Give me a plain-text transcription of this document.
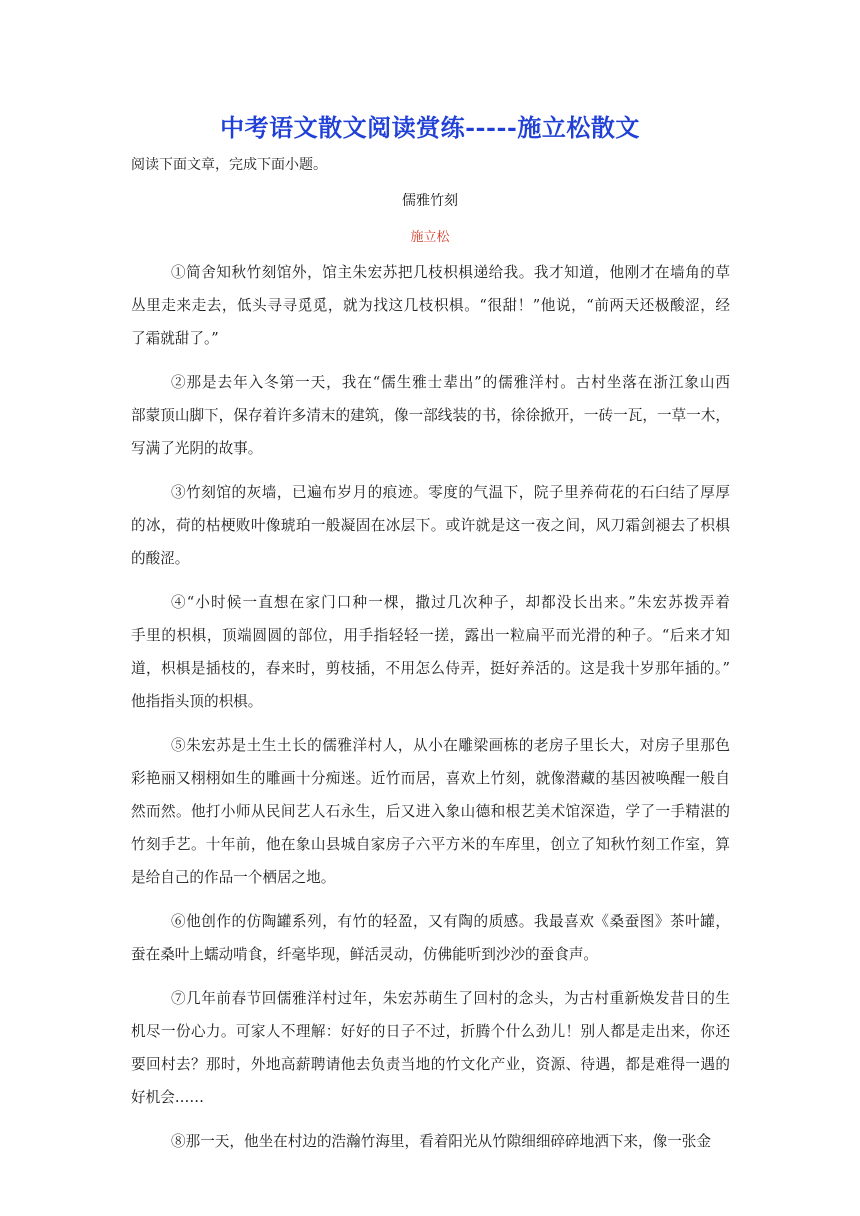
中考语文散文阅读赏练-----施立松散文
阅读下面文章，完成下面小题。
儒雅竹刻
施立松
①简舍知秋竹刻馆外，馆主朱宏苏把几枝枳椇递给我。我才知道，他刚才在墙角的草
丛里走来走去，低头寻寻觅觅，就为找这几枝枳椇。“很甜！”他说，“前两天还极酸涩，经
了霜就甜了。”
②那是去年入冬第一天，我在“儒生雅士辈出”的儒雅洋村。古村坐落在浙江象山西
部蒙顶山脚下，保存着许多清末的建筑，像一部线装的书，徐徐掀开，一砖一瓦，一草一木，
写满了光阴的故事。
③竹刻馆的灰墙，已遍布岁月的痕迹。零度的气温下，院子里养荷花的石臼结了厚厚
的冰，荷的枯梗败叶像琥珀一般凝固在冰层下。或许就是这一夜之间，风刀霜剑褪去了枳椇
的酸涩。
④“小时候一直想在家门口种一棵，撒过几次种子，却都没长出来。”朱宏苏拨弄着
手里的枳椇，顶端圆圆的部位，用手指轻轻一搓，露出一粒扁平而光滑的种子。“后来才知
道，枳椇是插枝的，春来时，剪枝插，不用怎么侍弄，挺好养活的。这是我十岁那年插的。”
他指指头顶的枳椇。
⑤朱宏苏是土生土长的儒雅洋村人，从小在雕梁画栋的老房子里长大，对房子里那色
彩艳丽又栩栩如生的雕画十分痴迷。近竹而居，喜欢上竹刻，就像潜藏的基因被唤醒一般自
然而然。他打小师从民间艺人石永生，后又进入象山德和根艺美术馆深造，学了一手精湛的
竹刻手艺。十年前，他在象山县城自家房子六平方米的车库里，创立了知秋竹刻工作室，算
是给自己的作品一个栖居之地。
⑥他创作的仿陶罐系列，有竹的轻盈，又有陶的质感。我最喜欢《桑蚕图》茶叶罐，
蚕在桑叶上蠕动啃食，纤毫毕现，鲜活灵动，仿佛能听到沙沙的蚕食声。
⑦几年前春节回儒雅洋村过年，朱宏苏萌生了回村的念头，为古村重新焕发昔日的生
机尽一份心力。可家人不理解：好好的日子不过，折腾个什么劲儿！别人都是走出来，你还
要回村去？那时，外地高薪聘请他去负责当地的竹文化产业，资源、待遇，都是难得一遇的
好机会……
⑧那一天，他坐在村边的浩瀚竹海里，看着阳光从竹隙细细碎碎地洒下来，像一张金
